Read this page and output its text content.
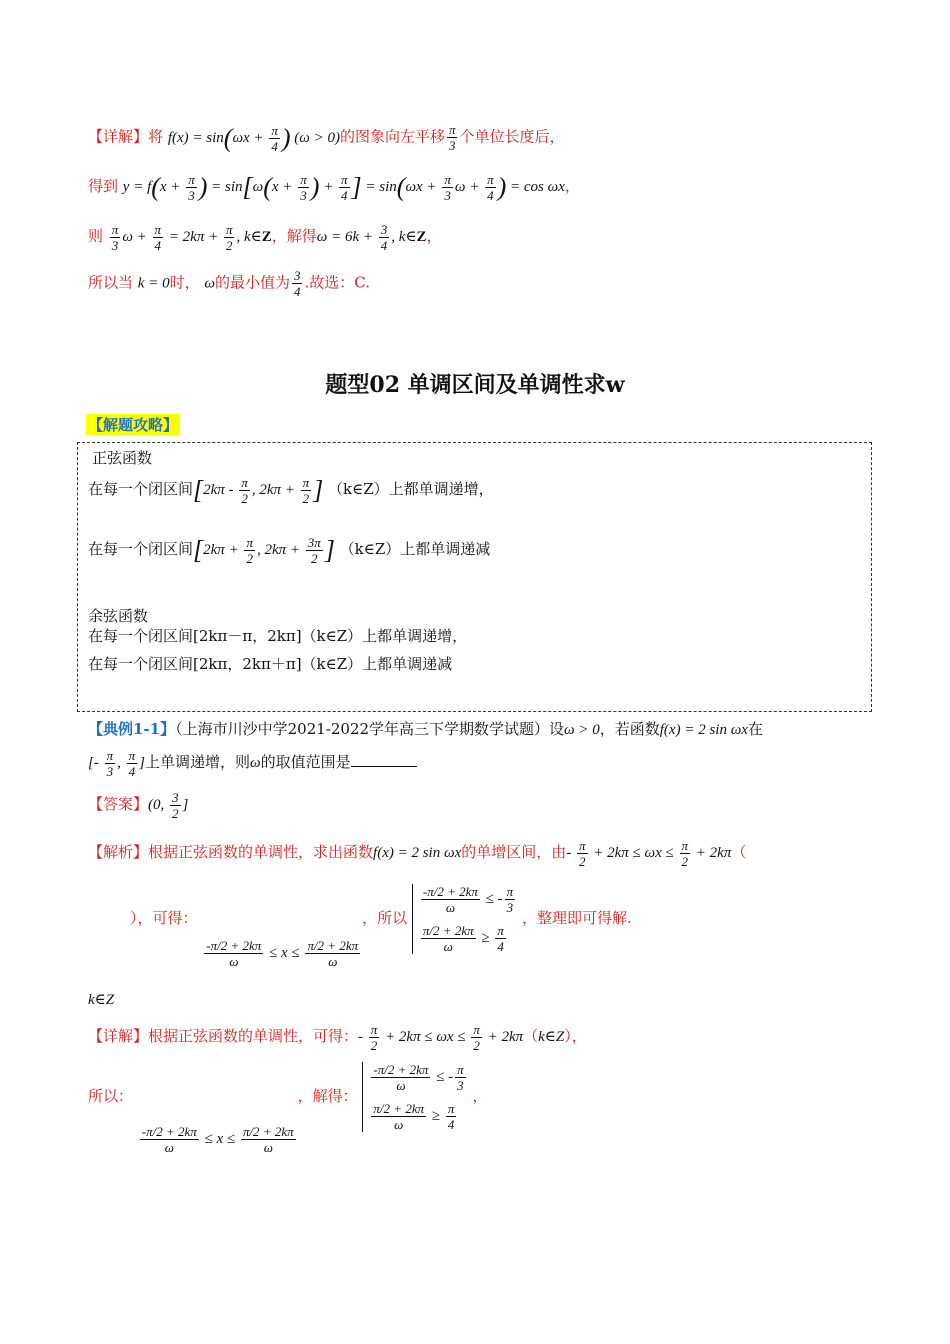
【详解】将 $f(x) = \sin(\omega x + \frac{\pi}{4}$ ) (ω > 0)的图象向左平移 $\frac{\pi}{3}$ 个单位长度后，
得到 $y = f(x + \frac{\pi}{3}$ ) = $\sin[\omega(x + \frac{\pi}{3}$ ) + $\frac{\pi}{4}$ ] = $\sin(\omega x + \frac{\pi}{3}$ $\omega + \frac{\pi}{4}$ ) = cos ωx，
则 $\frac{\pi}{3}$ $\omega + \frac{\pi}{4} = 2k\pi + \frac{\pi}{2}$ , k∈Z，解得$\omega = 6k + \frac{3}{4}$ , k∈Z，
所以当 k = 0时， ω的最小值为 $\frac{3}{4}$ .故选：C.
题型02 单调区间及单调性求w
【解题攻略】
正弦函数
在每一个闭区间[$2k\pi - \frac{\pi}{2}$ , $2k\pi + \frac{\pi}{2}$ ] （k∈Z）上都单调递增，
在每一个闭区间[$2k\pi + \frac{\pi}{2}$ , $2k\pi + \frac{3\pi}{2}$ ] （k∈Z）上都单调递减
余弦函数
在每一个闭区间[2kπ－π，2kπ]（k∈Z）上都单调递增，
在每一个闭区间[2kπ，2kπ＋π]（k∈Z）上都单调递减
【典例1-1】（上海市川沙中学2021-2022学年高三下学期数学试题）设ω > 0，若函数f(x) = 2 sin ωx在
[- $\frac{\pi}{3}$ , $\frac{\pi}{4}$ ]上单调递增，则ω的取值范围是
【答案】(0, $\frac{3}{2}$ ]
【解析】根据正弦函数的单调性，求出函数f(x) = 2 sin ωx的单增区间，由- $\frac{\pi}{2} + 2k\pi \le \omega x \le \frac{\pi}{2} + 2k\pi$（
），可得：
$\frac{-\pi/2 + 2k\pi}{\omega} \le x \le \frac{\pi/2 + 2k\pi}{\omega}$
，所以
$\frac{-\pi/2 + 2k\pi}{\omega}$ ≤ - $\frac{\pi}{3}$
$\frac{\pi/2 + 2k\pi}{\omega} \ge \frac{\pi}{4}$
，整理即可得解.
k∈Z
【详解】根据正弦函数的单调性，可得：- $\frac{\pi}{2} + 2k\pi \le \omega x \le \frac{\pi}{2}$ + 2kπ（k∈Z），
所以：
$\frac{-\pi/2 + 2k\pi}{\omega} \le x \le \frac{\pi/2 + 2k\pi}{\omega}$
，解得：
$\frac{-\pi/2 + 2k\pi}{\omega}$ ≤ - $\frac{\pi}{3}$
$\frac{\pi/2 + 2k\pi}{\omega} \ge \frac{\pi}{4}$
，
